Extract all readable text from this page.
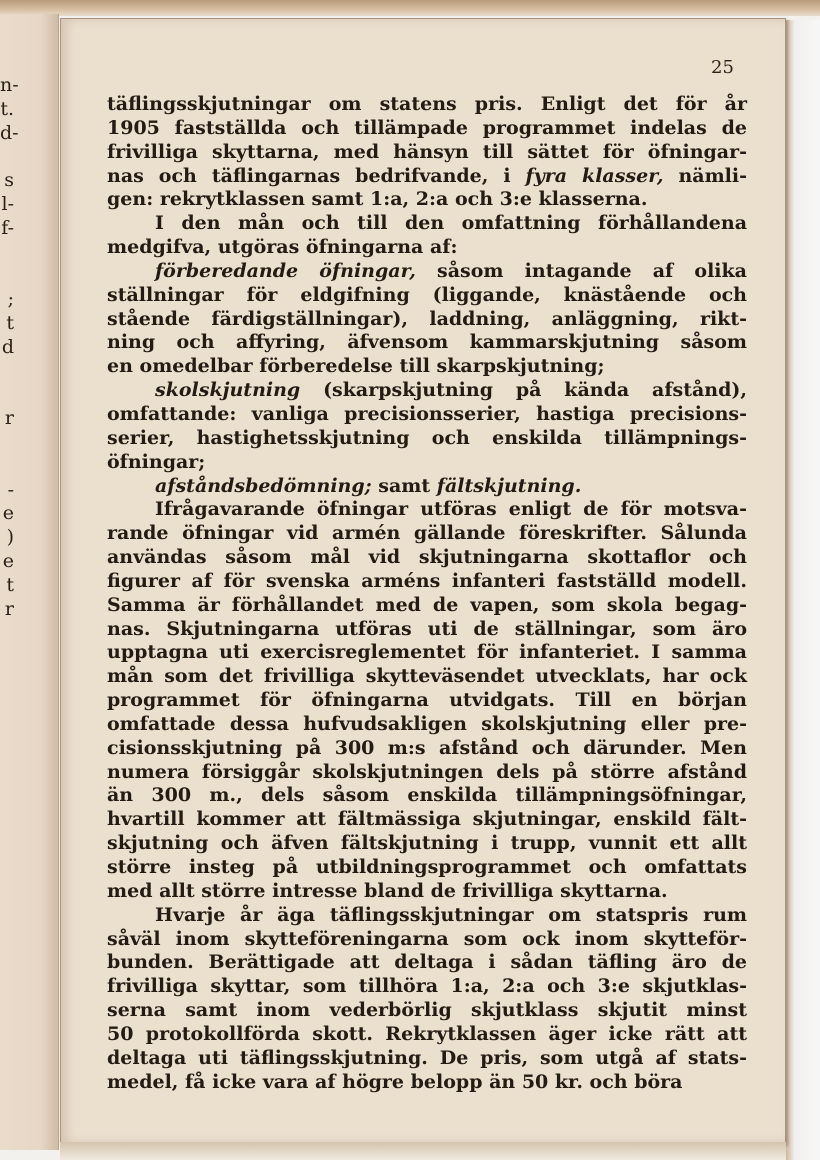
n-
t.
d-
s
l-
f-
;
t
d
r
-
e
)
e
t
r
25
täflingsskjutningar om statens pris. Enligt det för år
1905 fastställda och tillämpade programmet indelas de
frivilliga skyttarna, med hänsyn till sättet för öfningar-
nas och täflingarnas bedrifvande, i fyra klasser, nämli-
gen: rekrytklassen samt 1:a, 2:a och 3:e klasserna.
I den mån och till den omfattning förhållandena
medgifva, utgöras öfningarna af:
förberedande öfningar, såsom intagande af olika
ställningar för eldgifning (liggande, knästående och
stående färdigställningar), laddning, anläggning, rikt-
ning och affyring, äfvensom kammarskjutning såsom
en omedelbar förberedelse till skarpskjutning;
skolskjutning (skarpskjutning på kända afstånd),
omfattande: vanliga precisionsserier, hastiga precisions-
serier, hastighetsskjutning och enskilda tillämpnings-
öfningar;
afståndsbedömning; samt fältskjutning.
Ifrågavarande öfningar utföras enligt de för motsva-
rande öfningar vid armén gällande föreskrifter. Sålunda
användas såsom mål vid skjutningarna skottaflor och
figurer af för svenska arméns infanteri fastställd modell.
Samma är förhållandet med de vapen, som skola begag-
nas. Skjutningarna utföras uti de ställningar, som äro
upptagna uti exercisreglementet för infanteriet. I samma
mån som det frivilliga skytteväsendet utvecklats, har ock
programmet för öfningarna utvidgats. Till en början
omfattade dessa hufvudsakligen skolskjutning eller pre-
cisionsskjutning på 300 m:s afstånd och därunder. Men
numera försiggår skolskjutningen dels på större afstånd
än 300 m., dels såsom enskilda tillämpningsöfningar,
hvartill kommer att fältmässiga skjutningar, enskild fält-
skjutning och äfven fältskjutning i trupp, vunnit ett allt
större insteg på utbildningsprogrammet och omfattats
med allt större intresse bland de frivilliga skyttarna.
Hvarje år äga täflingsskjutningar om statspris rum
såväl inom skytteföreningarna som ock inom skytteför-
bunden. Berättigade att deltaga i sådan täfling äro de
frivilliga skyttar, som tillhöra 1:a, 2:a och 3:e skjutklas-
serna samt inom vederbörlig skjutklass skjutit minst
50 protokollförda skott. Rekrytklassen äger icke rätt att
deltaga uti täflingsskjutning. De pris, som utgå af stats-
medel, få icke vara af högre belopp än 50 kr. och böra
